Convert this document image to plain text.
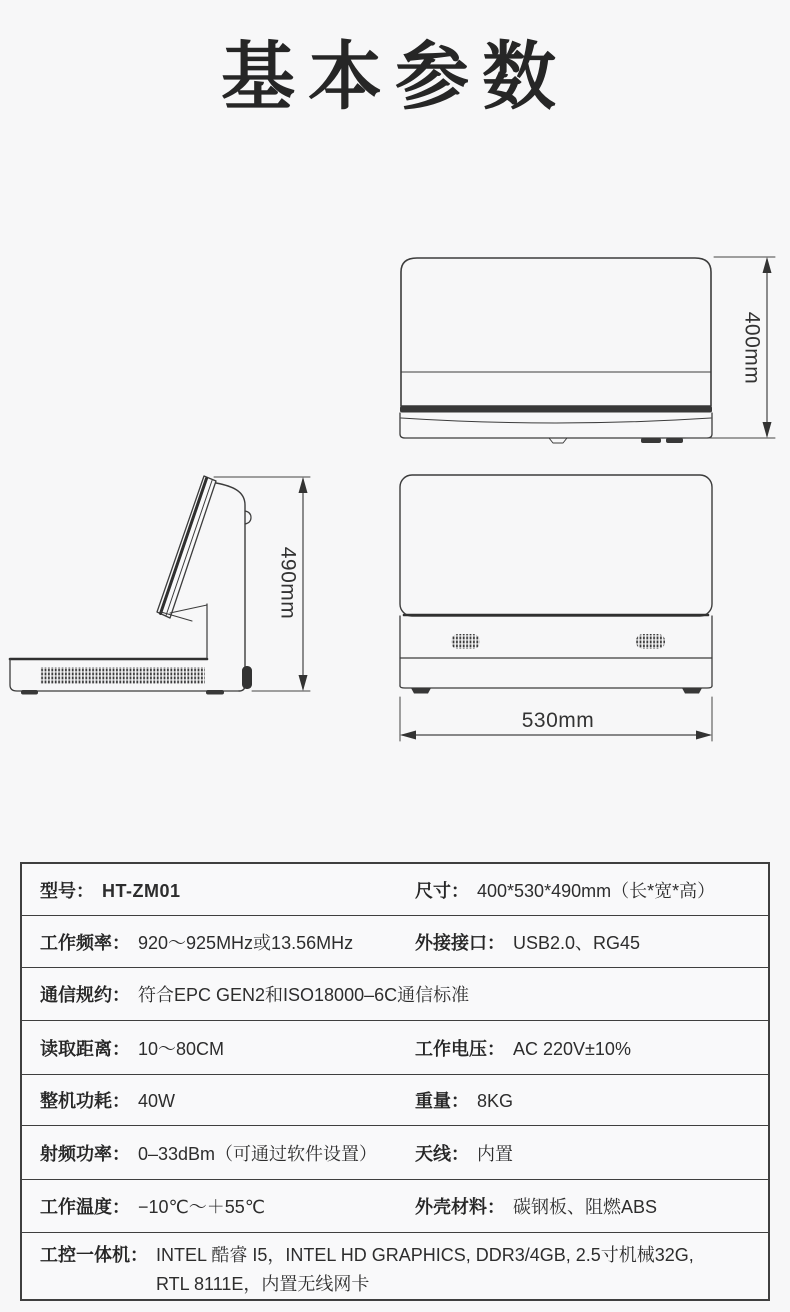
基本参数
400mm
490mm
530mm
型号： HT-ZM01	尺寸： 400*530*490mm（长*宽*高）
工作频率： 920～925MHz或13.56MHz	外接接口： USB2.0、RG45
通信规约： 符合EPC GEN2和ISO18000–6C通信标准
读取距离： 10～80CM	工作电压： AC 220V±10%
整机功耗： 40W	重量： 8KG
射频功率： 0–33dBm（可通过软件设置） 天线： 内置
工作温度： −10℃～＋55℃	外壳材料： 碳钢板、阻燃ABS
工控一体机： INTEL 酷睿 I5，INTEL HD GRAPHICS, DDR3/4GB, 2.5寸机械32G,
RTL 8111E，内置无线网卡
